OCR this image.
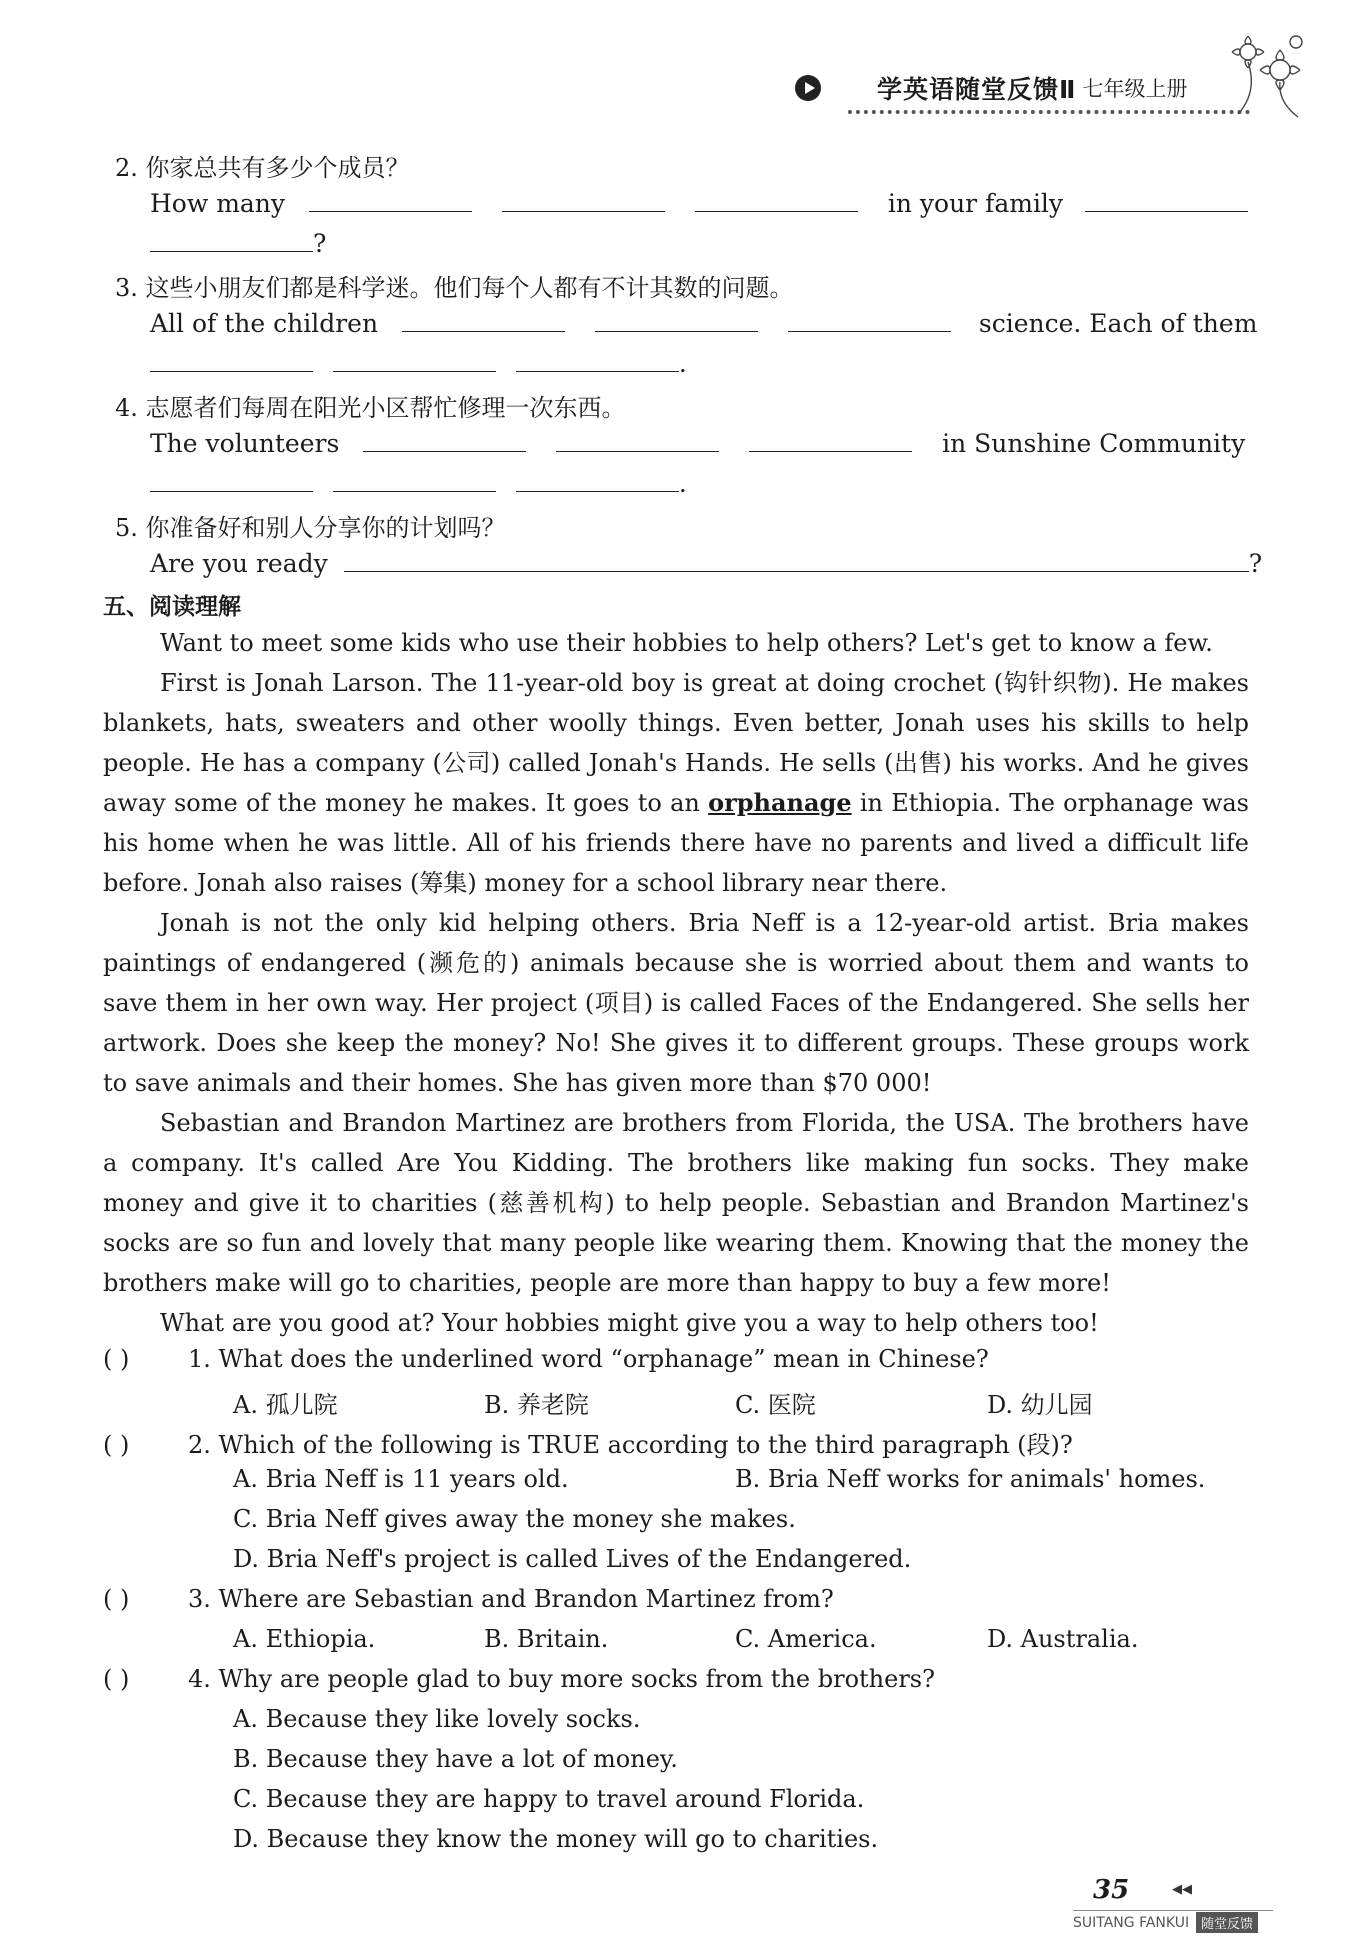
学英语随堂反馈Ⅱ 七年级上册
2. 你家总共有多少个成员？
How many	in your family
?
3. 这些小朋友们都是科学迷。他们每个人都有不计其数的问题。
All of the children	science. Each of them
.
4. 志愿者们每周在阳光小区帮忙修理一次东西。
The volunteers	in Sunshine Community
.
5. 你准备好和别人分享你的计划吗？
Are you ready	?
五、阅读理解

Want to meet some kids who use their hobbies to help others? Let's get to know a few.

First is Jonah Larson. The 11-year-old boy is great at doing crochet (钩针织物). He makes blankets, hats, sweaters and other woolly things. Even better, Jonah uses his skills to help people. He has a company (公司) called Jonah's Hands. He sells (出售) his works. And he gives away some of the money he makes. It goes to an orphanage in Ethiopia. The orphanage was his home when he was little. All of his friends there have no parents and lived a difficult life before. Jonah also raises (筹集) money for a school library near there.

Jonah is not the only kid helping others. Bria Neff is a 12-year-old artist. Bria makes paintings of endangered (濒危的) animals because she is worried about them and wants to save them in her own way. Her project (项目) is called Faces of the Endangered. She sells her artwork. Does she keep the money? No! She gives it to different groups. These groups work to save animals and their homes. She has given more than $70 000!

Sebastian and Brandon Martinez are brothers from Florida, the USA. The brothers have a company. It's called Are You Kidding. The brothers like making fun socks. They make money and give it to charities (慈善机构) to help people. Sebastian and Brandon Martinez's socks are so fun and lovely that many people like wearing them. Knowing that the money the brothers make will go to charities, people are more than happy to buy a few more!

What are you good at? Your hobbies might give you a way to help others too!

( ) 1. What does the underlined word “orphanage” mean in Chinese?
A. 孤儿院	B. 养老院	C. 医院	D. 幼儿园
( ) 2. Which of the following is TRUE according to the third paragraph (段)?
A. Bria Neff is 11 years old.	B. Bria Neff works for animals' homes.
C. Bria Neff gives away the money she makes.
D. Bria Neff's project is called Lives of the Endangered.
( ) 3. Where are Sebastian and Brandon Martinez from?
A. Ethiopia.	B. Britain.	C. America.	D. Australia.
( ) 4. Why are people glad to buy more socks from the brothers?
A. Because they like lovely socks.
B. Because they have a lot of money.
C. Because they are happy to travel around Florida.
D. Because they know the money will go to charities.
35	◀◀
SUITANG FANKUI 随堂反馈
